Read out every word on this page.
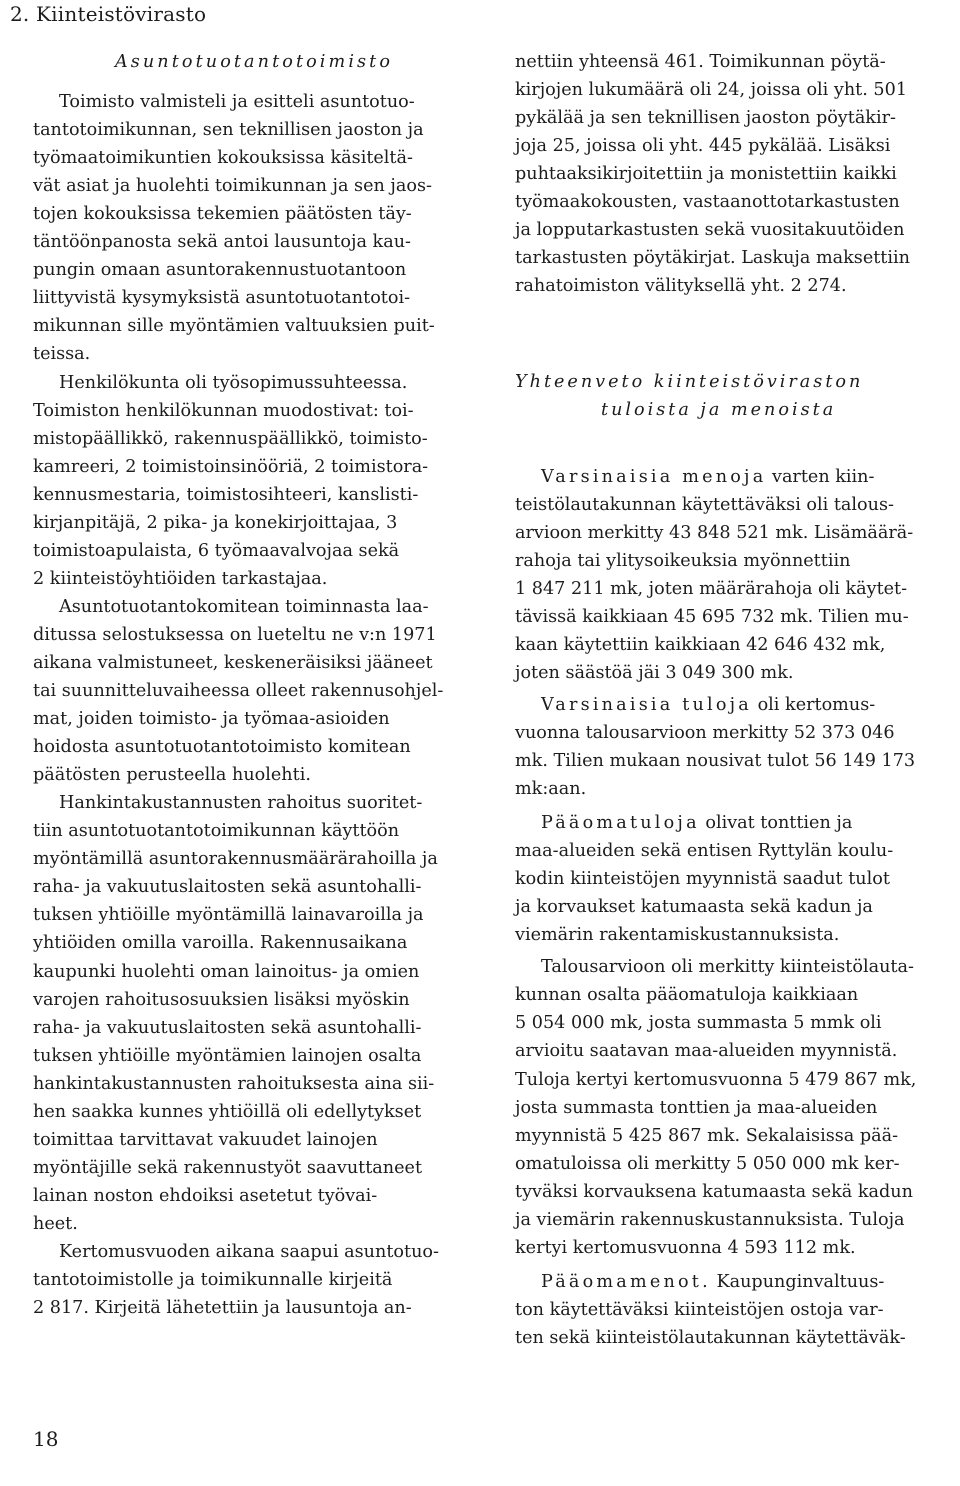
2. Kiinteistövirasto
Asuntotuotantotoimisto
Toimisto valmisteli ja esitteli asuntotuo-
tantotoimikunnan, sen teknillisen jaoston ja
työmaatoimikuntien kokouksissa käsiteltä-
vät asiat ja huolehti toimikunnan ja sen jaos-
tojen kokouksissa tekemien päätösten täy-
täntöönpanosta sekä antoi lausuntoja kau-
pungin omaan asuntorakennustuotantoon
liittyvistä kysymyksistä asuntotuotantotoi-
mikunnan sille myöntämien valtuuksien puit-
teissa.
Henkilökunta oli työsopimussuhteessa.
Toimiston henkilökunnan muodostivat: toi-
mistopäällikkö, rakennuspäällikkö, toimisto-
kamreeri, 2 toimistoinsinööriä, 2 toimistora-
kennusmestaria, toimistosihteeri, kanslisti-
kirjanpitäjä, 2 pika- ja konekirjoittajaa, 3
toimistoapulaista, 6 työmaavalvojaa sekä
2 kiinteistöyhtiöiden tarkastajaa.
Asuntotuotantokomitean toiminnasta laa-
ditussa selostuksessa on lueteltu ne v:n 1971
aikana valmistuneet, keskeneräisiksi jääneet
tai suunnitteluvaiheessa olleet rakennusohjel-
mat, joiden toimisto- ja työmaa-asioiden
hoidosta asuntotuotantotoimisto komitean
päätösten perusteella huolehti.
Hankintakustannusten rahoitus suoritet-
tiin asuntotuotantotoimikunnan käyttöön
myöntämillä asuntorakennusmäärärahoilla ja
raha- ja vakuutuslaitosten sekä asuntohalli-
tuksen yhtiöille myöntämillä lainavaroilla ja
yhtiöiden omilla varoilla. Rakennusaikana
kaupunki huolehti oman lainoitus- ja omien
varojen rahoitusosuuksien lisäksi myöskin
raha- ja vakuutuslaitosten sekä asuntohalli-
tuksen yhtiöille myöntämien lainojen osalta
hankintakustannusten rahoituksesta aina sii-
hen saakka kunnes yhtiöillä oli edellytykset
toimittaa tarvittavat vakuudet lainojen
myöntäjille sekä rakennustyöt saavuttaneet
lainan noston ehdoiksi asetetut työvai-
heet.
Kertomusvuoden aikana saapui asuntotuo-
tantotoimistolle ja toimikunnalle kirjeitä
2 817. Kirjeitä lähetettiin ja lausuntoja an-
nettiin yhteensä 461. Toimikunnan pöytä-
kirjojen lukumäärä oli 24, joissa oli yht. 501
pykälää ja sen teknillisen jaoston pöytäkir-
joja 25, joissa oli yht. 445 pykälää. Lisäksi
puhtaaksikirjoitettiin ja monistettiin kaikki
työmaakokousten, vastaanottotarkastusten
ja lopputarkastusten sekä vuositakuutöiden
tarkastusten pöytäkirjat. Laskuja maksettiin
rahatoimiston välityksellä yht. 2 274.
Yhteenveto kiinteistöviraston
tuloista ja menoista
Varsinaisia menoja varten kiin-
teistölautakunnan käytettäväksi oli talous-
arvioon merkitty 43 848 521 mk. Lisämäärä-
rahoja tai ylitysoikeuksia myönnettiin
1 847 211 mk, joten määrärahoja oli käytet-
tävissä kaikkiaan 45 695 732 mk. Tilien mu-
kaan käytettiin kaikkiaan 42 646 432 mk,
joten säästöä jäi 3 049 300 mk.
Varsinaisia tuloja oli kertomus-
vuonna talousarvioon merkitty 52 373 046
mk. Tilien mukaan nousivat tulot 56 149 173
mk:aan.
Pääomatuloja olivat tonttien ja
maa-alueiden sekä entisen Ryttylän koulu-
kodin kiinteistöjen myynnistä saadut tulot
ja korvaukset katumaasta sekä kadun ja
viemärin rakentamiskustannuksista.
Talousarvioon oli merkitty kiinteistölauta-
kunnan osalta pääomatuloja kaikkiaan
5 054 000 mk, josta summasta 5 mmk oli
arvioitu saatavan maa-alueiden myynnistä.
Tuloja kertyi kertomusvuonna 5 479 867 mk,
josta summasta tonttien ja maa-alueiden
myynnistä 5 425 867 mk. Sekalaisissa pää-
omatuloissa oli merkitty 5 050 000 mk ker-
tyväksi korvauksena katumaasta sekä kadun
ja viemärin rakennuskustannuksista. Tuloja
kertyi kertomusvuonna 4 593 112 mk.
Pääomamenot. Kaupunginvaltuus-
ton käytettäväksi kiinteistöjen ostoja var-
ten sekä kiinteistölautakunnan käytettäväk-
18
